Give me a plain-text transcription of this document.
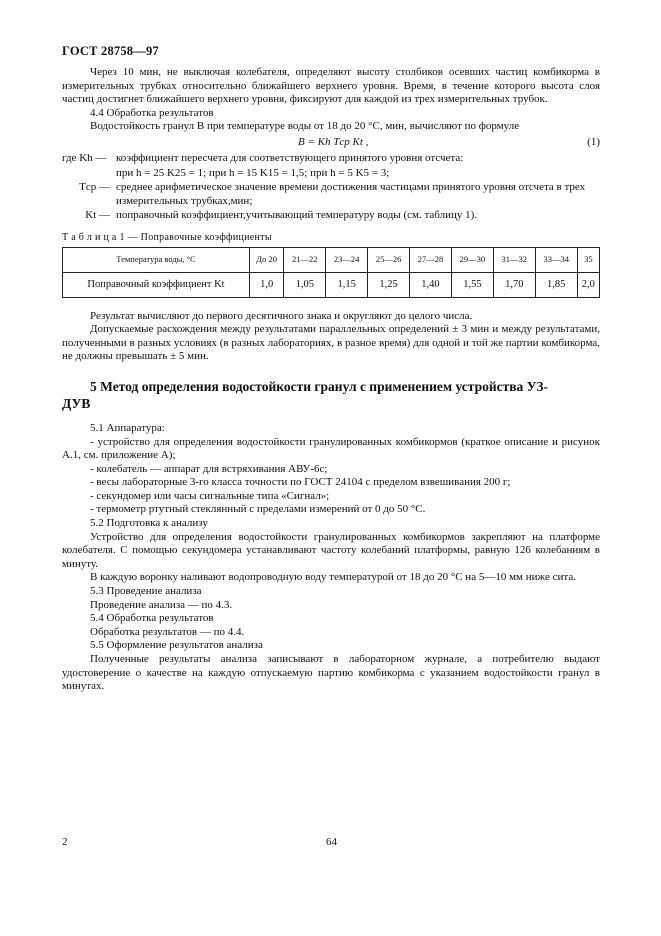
ГОСТ 28758—97

Через 10 мин, не выключая колебателя, определяют высоту столбиков осевших частиц комбикорма в измерительных трубках относительно ближайшего верхнего уровня. Время, в течение которого высота слоя частиц достигнет ближайшего верхнего уровня, фиксируют для каждой из трех измерительных трубок.

4.4 Обработка результатов

Водостойкость гранул B при температуре воды от 18 до 20 °C, мин, вычисляют по формуле

B = Kh Tср Kt ,	(1)
где Kh — коэффициент пересчета для соответствующего принятого уровня отсчета:
при h = 25 K25 = 1; при h = 15 K15 = 1,5; при h = 5 K5 = 3;
Tср — среднее арифметическое значение времени достижения частицами принятого уровня отсчета в трех измерительных трубках,мин;
Kt — поправочный коэффициент,учитывающий температуру воды (см. таблицу 1).
Т а б л и ц а 1 — Поправочные коэффициенты
Температура воды, °С	До 20	21—22	23—24	25—26	27—28	29—30	31—32	33—34	35
Поправочный коэффициент Kt	1,0	1,05	1,15	1,25	1,40	1,55	1,70	1,85	2,0

Результат вычисляют до первого десятичного знака и округляют до целого числа.

Допускаемые расхождения между результатами параллельных определений ± 3 мин и между результатами, полученными в разных условиях (в разных лабораториях, в разное время) для одной и той же партии комбикорма, не должны превышать ± 5 мин.

5 Метод определения водостойкости гранул с применением устройства УЗ-
ДУВ

5.1 Аппаратура:

- устройство для определения водостойкости гранулированных комбикормов (краткое описание и рисунок А.1, см. приложение А);

- колебатель — аппарат для встряхивания АВУ-6с;

- весы лабораторные 3-го класса точности по ГОСТ 24104 с пределом взвешивания 200 г;

- секундомер или часы сигнальные типа «Сигнал»;

- термометр ртутный стеклянный с пределами измерений от 0 до 50 °С.

5.2 Подготовка к анализу

Устройство для определения водостойкости гранулированных комбикормов закрепляют на платформе колебателя. С помощью секундомера устанавливают частоту колебаний платформы, равную 126 колебаниям в минуту.

В каждую воронку наливают водопроводную воду температурой от 18 до 20 °С на 5—10 мм ниже сита.

5.3 Проведение анализа

Проведение анализа — по 4.3.

5.4 Обработка результатов

Обработка результатов — по 4.4.

5.5 Оформление результатов анализа

Полученные результаты анализа записывают в лабораторном журнале, а потребителю выдают удостоверение о качестве на каждую отпускаемую партию комбикорма с указанием водостойкости гранул в минутах.

2	64
